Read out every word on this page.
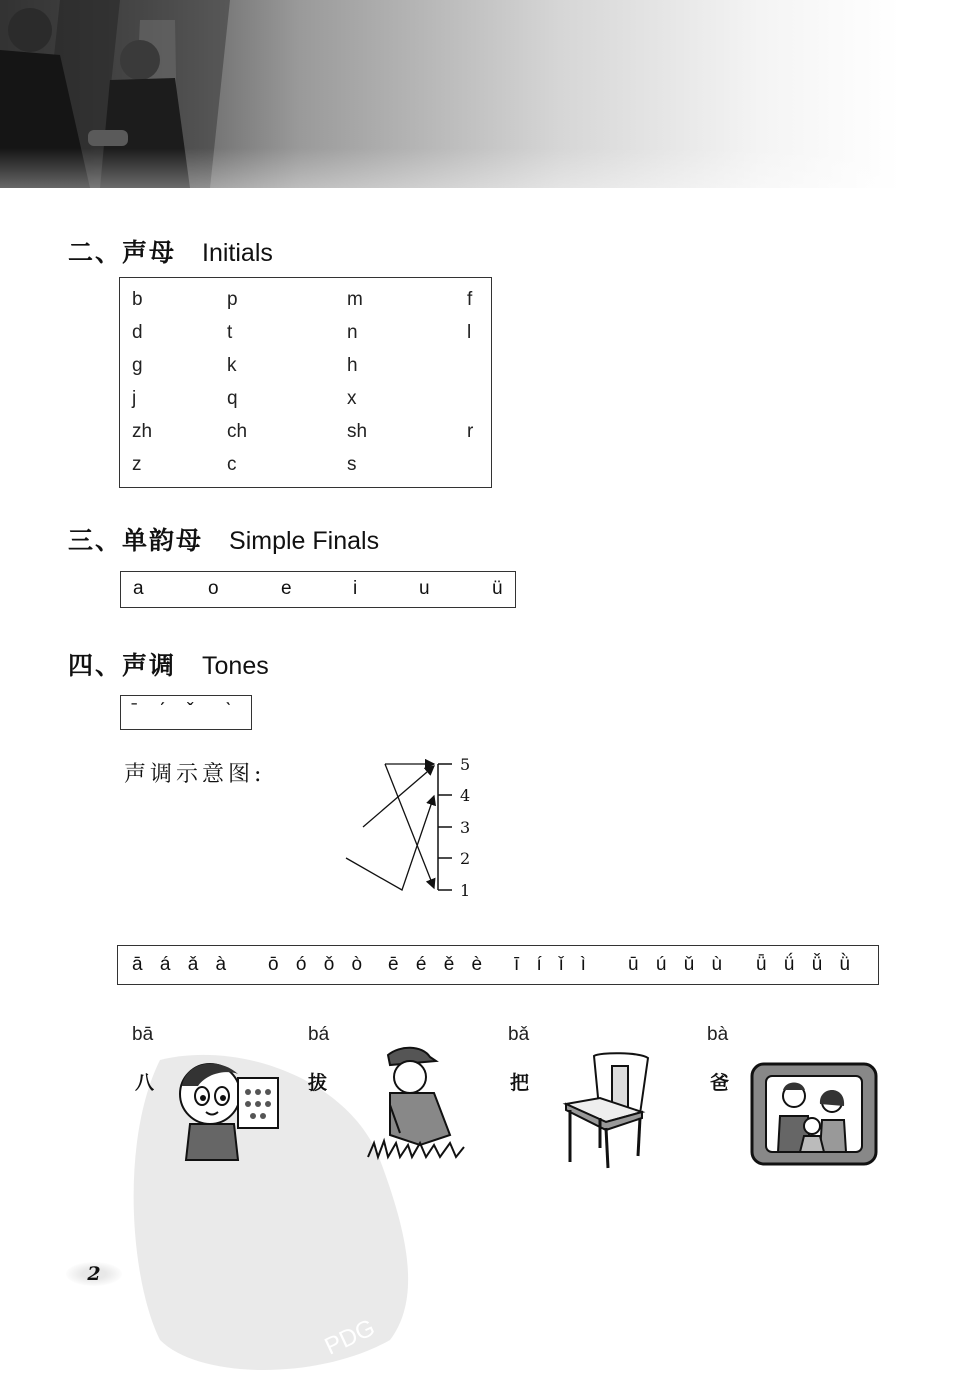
二、声母 Initials
b	p	m	f
d	t	n	l
g	k	h
j	q	x
zh	ch	sh	r
z	c	s
三、单韵母 Simple Finals
a	o	e	i	u	ü
四、声调 Tones
ˉ ˊ ˇ ˋ
声调示意图:	5
4
3
2
1
ā á ǎ à ō ó ǒ ò ē é ě è ī í ǐ ì ū ú ǔ ù ǖ ǘ ǚ ǜ
PDG
bā
八
bá
拔
bǎ
把
bà
爸
2
